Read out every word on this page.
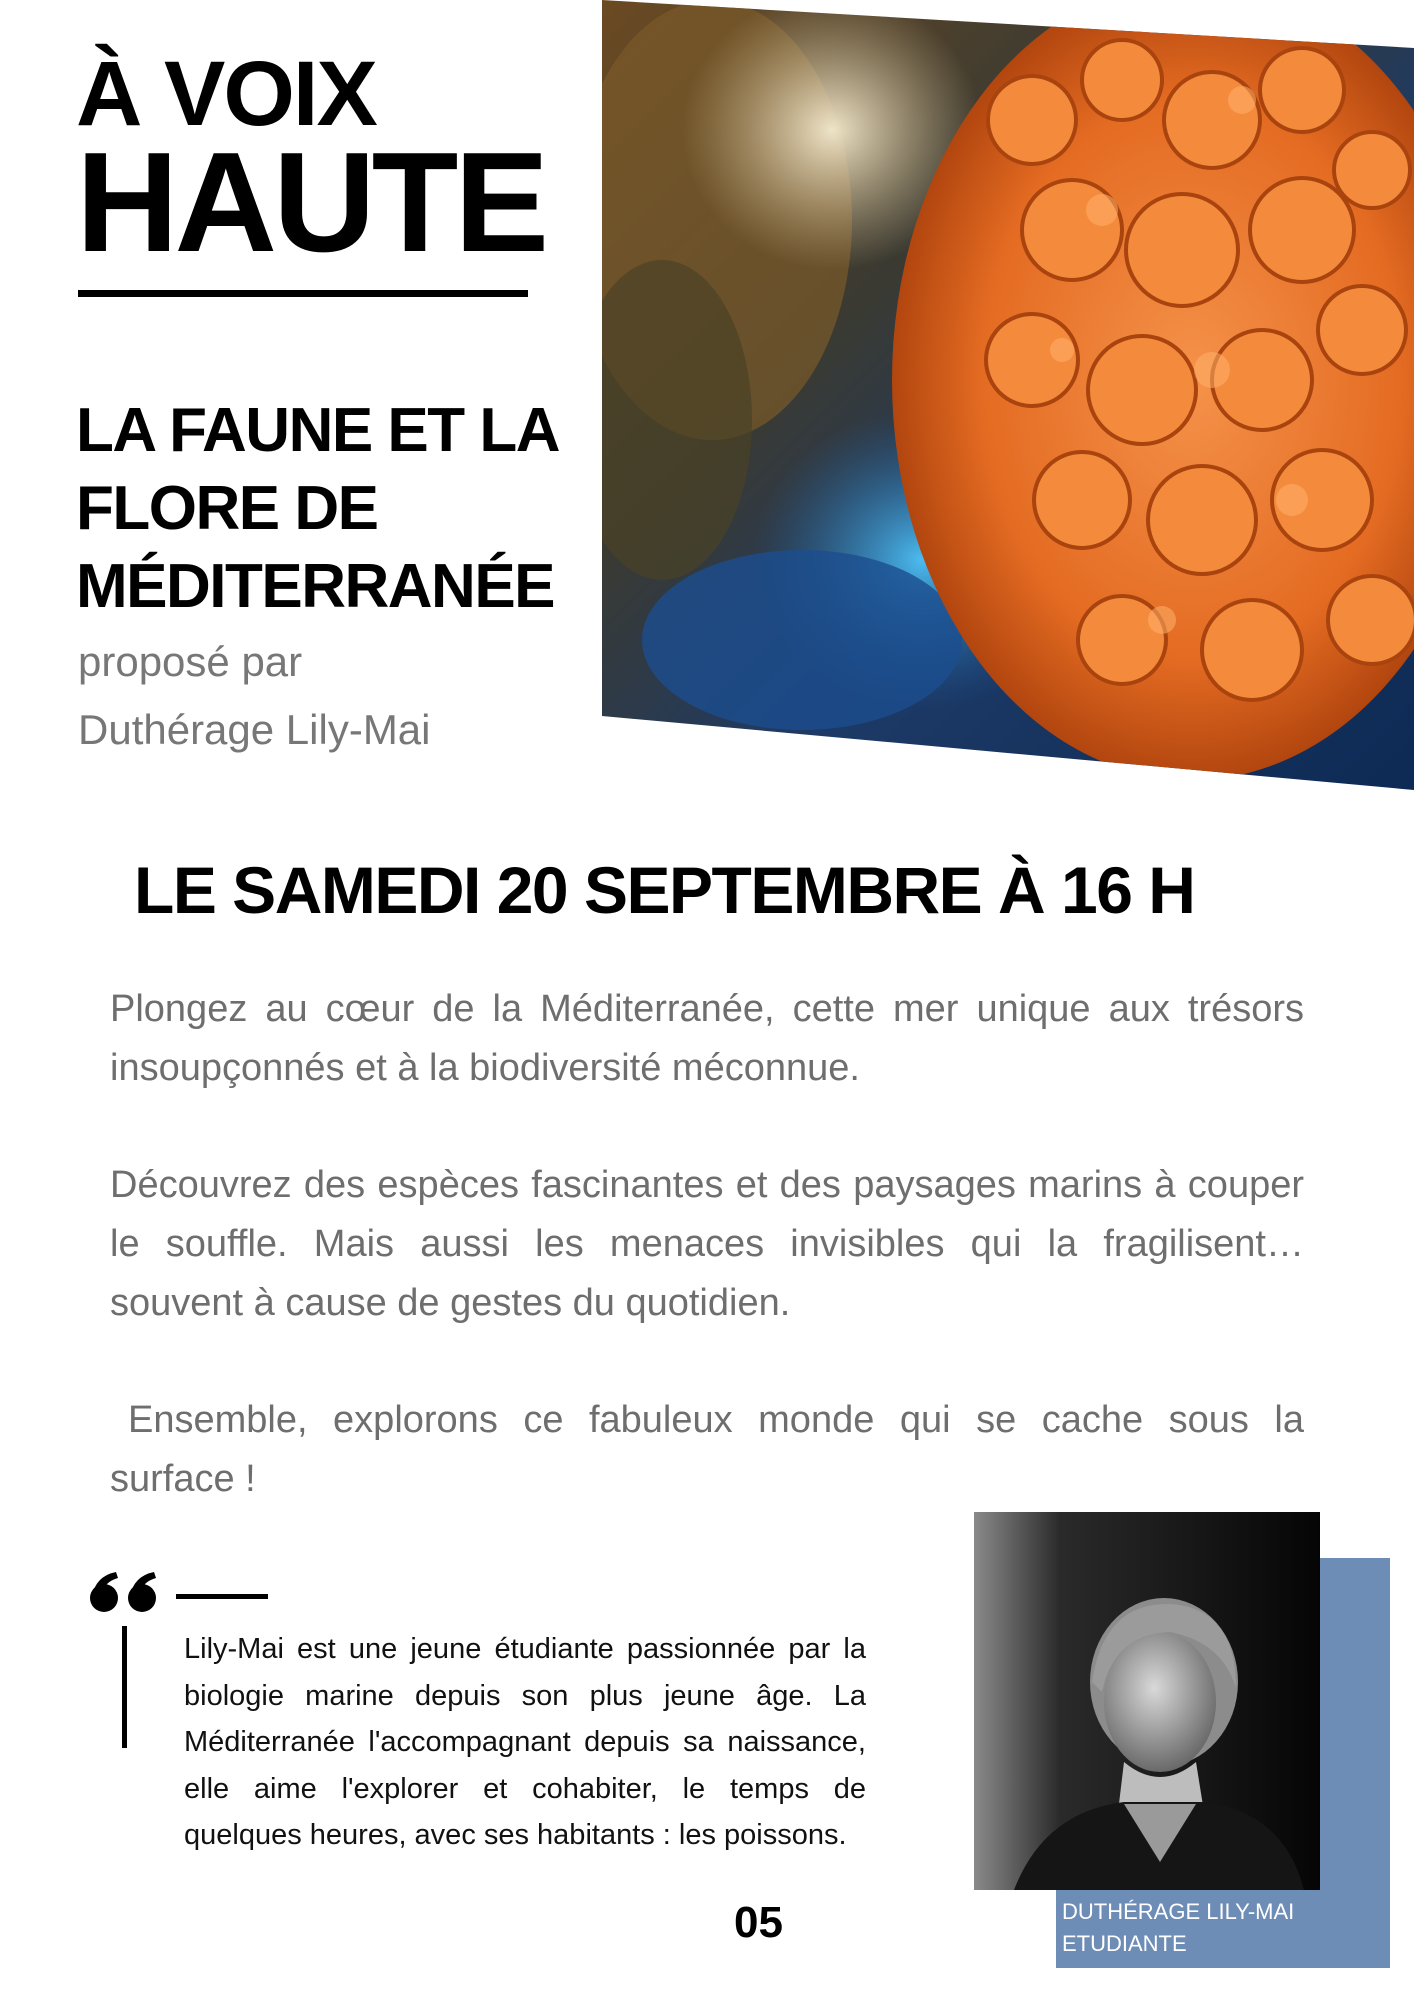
À VOIX
HAUTE
LA FAUNE ET LA
FLORE DE
MÉDITERRANÉE
proposé par
Duthérage Lily-Mai
LE SAMEDI 20 SEPTEMBRE À 16 H

Plongez au cœur de la Méditerranée, cette mer unique aux trésors insoupçonnés et à la biodiversité méconnue.

Découvrez des espèces fascinantes et des paysages marins à couper le souffle. Mais aussi les menaces invisibles qui la fragilisent… souvent à cause de gestes du quotidien.

Ensemble, explorons ce fabuleux monde qui se cache sous la surface !

Lily-Mai est une jeune étudiante passionnée par la biologie marine depuis son plus jeune âge. La Méditerranée l'accompagnant depuis sa naissance, elle aime l'explorer et cohabiter, le temps de quelques heures, avec ses habitants : les poissons.
DUTHÉRAGE LILY-MAI
ETUDIANTE
05
